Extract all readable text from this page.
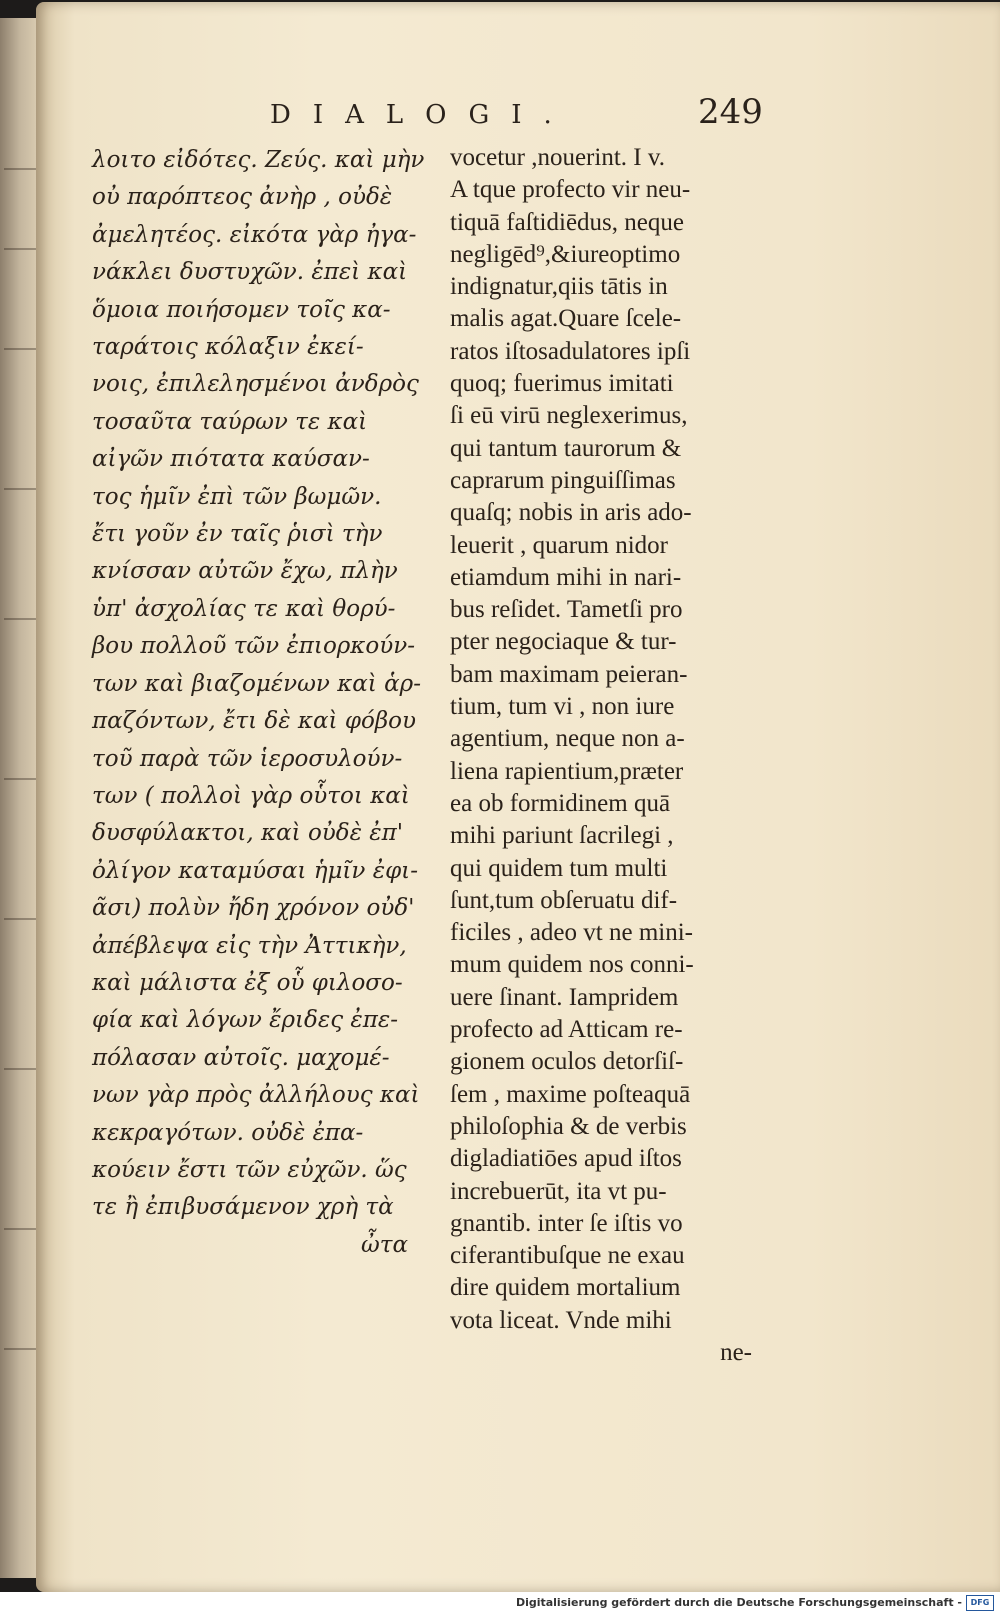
DIALOGI.	249
λοιτο εἰδότες. Ζεύς. καὶ μὴν
οὐ παρόπτεος ἀνὴρ , οὐδὲ
ἀμελητέος. εἰκότα γὰρ ἠγα-
νάκλει δυστυχῶν. ἐπεὶ καὶ
ὅμοια ποιήσομεν τοῖς κα-
ταράτοις κόλαξιν ἐκεί-
νοις, ἐπιλελησμένοι ἀνδρὸς
τοσαῦτα ταύρων τε καὶ
αἰγῶν πιότατα καύσαν-
τος ἡμῖν ἐπὶ τῶν βωμῶν.
ἔτι γοῦν ἐν ταῖς ῥισὶ τὴν
κνίσσαν αὐτῶν ἔχω, πλὴν
ὑπ' ἀσχολίας τε καὶ θορύ-
βου πολλοῦ τῶν ἐπιορκούν-
των καὶ βιαζομένων καὶ ἁρ-
παζόντων, ἔτι δὲ καὶ φόβου
τοῦ παρὰ τῶν ἱεροσυλούν-
των ( πολλοὶ γὰρ οὗτοι καὶ
δυσφύλακτοι, καὶ οὐδὲ ἐπ'
ὀλίγον καταμύσαι ἡμῖν ἐφι-
ᾶσι) πολὺν ἤδη χρόνον οὐδ'
ἀπέβλεψα εἰς τὴν Ἀττικὴν,
καὶ μάλιστα ἐξ οὗ φιλοσο-
φία καὶ λόγων ἔριδες ἐπε-
πόλασαν αὐτοῖς. μαχομέ-
νων γὰρ πρὸς ἀλλήλους καὶ
κεκραγότων. οὐδὲ ἐπα-
κούειν ἔστι τῶν εὐχῶν. ὥς
τε ἢ ἐπιβυσάμενον χρὴ τὰ
ὦτα
vocetur ,nouerint. I v.
A tque profecto vir neu-
tiquā faſtidiēdus, neque
negligēd⁹,&iureoptimo
indignatur,qiis tātis in
malis agat.Quare ſcele-
ratos iſtosadulatores ipſi
quoq; fuerimus imitati
ſi eū virū neglexerimus,
qui tantum taurorum &
caprarum pinguiſſimas
quaſq; nobis in aris ado-
leuerit , quarum nidor
etiamdum mihi in nari-
bus reſidet. Tametſi pro
pter negociaque & tur-
bam maximam peieran-
tium, tum vi , non iure
agentium, neque non a-
liena rapientium,præter
ea ob formidinem quā
mihi pariunt ſacrilegi ,
qui quidem tum multi
ſunt,tum obſeruatu dif-
ficiles , adeo vt ne mini-
mum quidem nos conni-
uere ſinant. Iampridem
profecto ad Atticam re-
gionem oculos detorſiſ-
ſem , maxime poſteaquā
philoſophia & de verbis
digladiatiōes apud iſtos
increbuerūt, ita vt pu-
gnantib. inter ſe iſtis vo
ciferantibuſque ne exau
dire quidem mortalium
vota liceat. Vnde mihi
ne-
Digitalisierung gefördert durch die Deutsche Forschungsgemeinschaft -	DFG
